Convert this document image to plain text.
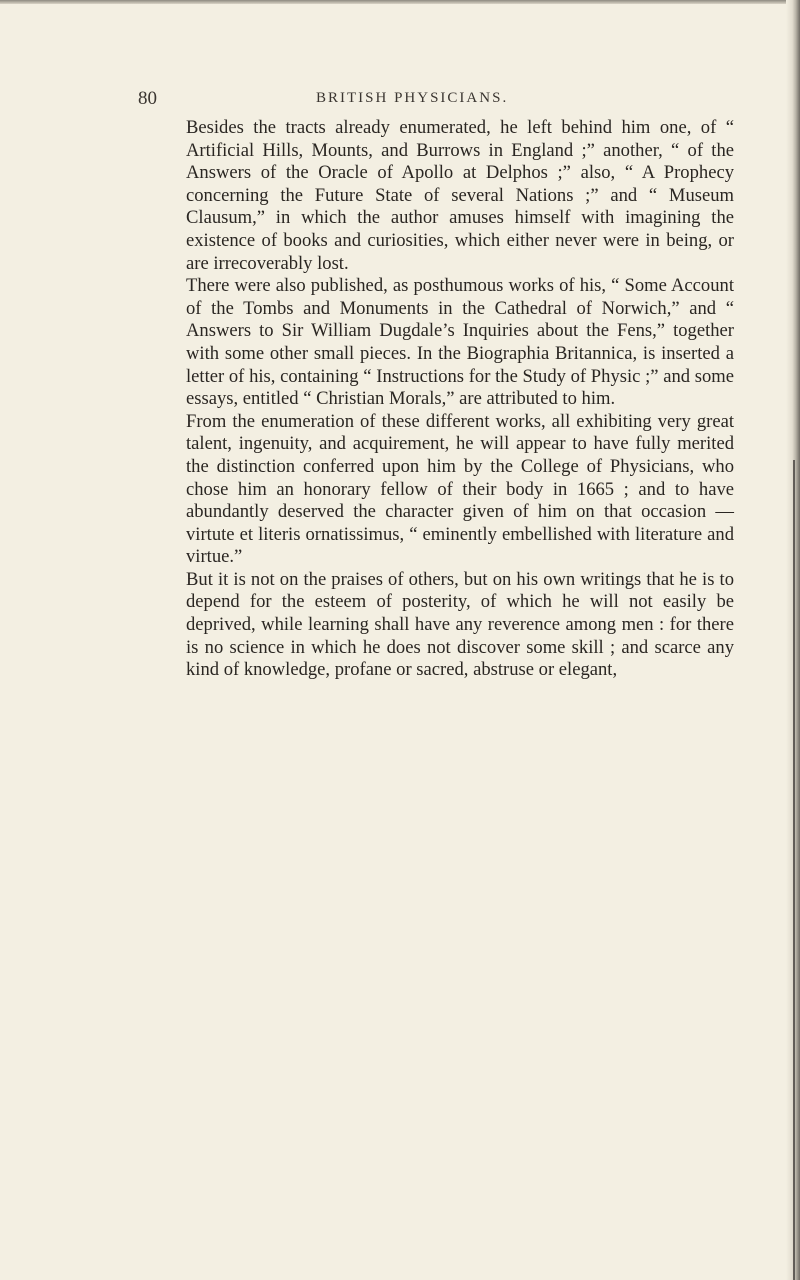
80	BRITISH PHYSICIANS.

Besides the tracts already enumerated, he left behind him one, of “ Artificial Hills, Mounts, and Burrows in England ;” another, “ of the Answers of the Oracle of Apollo at Delphos ;” also, “ A Prophecy concerning the Future State of several Nations ;” and “ Museum Clausum,” in which the author amuses himself with imagining the existence of books and curiosities, which either never were in being, or are irrecoverably lost.

There were also published, as posthumous works of his, “ Some Account of the Tombs and Monuments in the Cathedral of Norwich,” and “ Answers to Sir William Dugdale’s Inquiries about the Fens,” together with some other small pieces. In the Biographia Britannica, is inserted a letter of his, containing “ Instructions for the Study of Physic ;” and some essays, entitled “ Christian Morals,” are attributed to him.

From the enumeration of these different works, all exhibiting very great talent, ingenuity, and acquirement, he will appear to have fully merited the distinction conferred upon him by the College of Physicians, who chose him an honorary fellow of their body in 1665 ; and to have abundantly deserved the character given of him on that occasion —virtute et literis ornatissimus, “ eminently embellished with literature and virtue.”

But it is not on the praises of others, but on his own writings that he is to depend for the esteem of posterity, of which he will not easily be deprived, while learning shall have any reverence among men : for there is no science in which he does not discover some skill ; and scarce any kind of knowledge, profane or sacred, abstruse or elegant,
